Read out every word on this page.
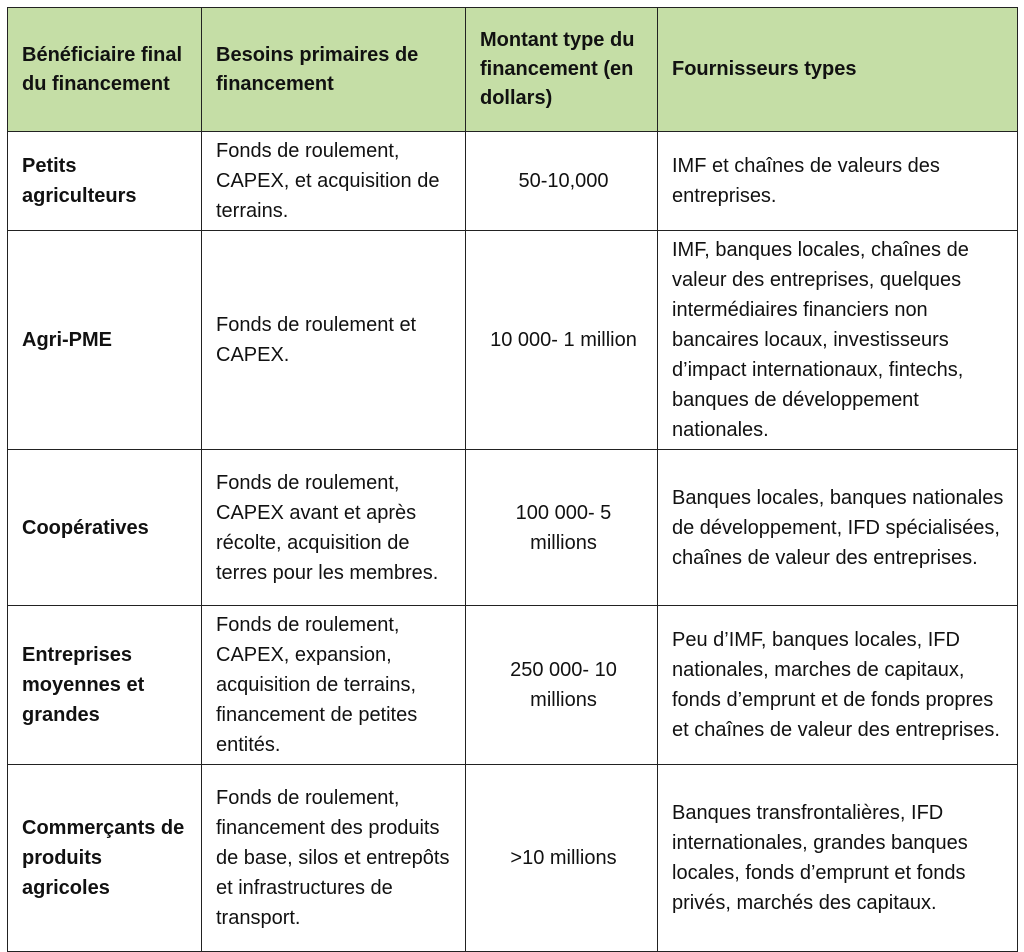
Bénéficiaire final du financement	Besoins primaires de financement	Montant type du financement (en dollars)	Fournisseurs types
Petits agriculteurs	Fonds de roulement, CAPEX, et acquisition de terrains.	50-10,000	IMF et chaînes de valeurs des entreprises.
Agri-PME	Fonds de roulement et CAPEX.	10 000- 1 million	IMF, banques locales, chaînes de valeur des entreprises, quelques intermédiaires financiers non bancaires locaux, investisseurs d’impact internationaux, fintechs, banques de développement nationales.
Coopératives	Fonds de roulement, CAPEX avant et après récolte, acquisition de terres pour les membres.	100 000- 5 millions	Banques locales, banques nationales de développement, IFD spécialisées, chaînes de valeur des entreprises.
Entreprises moyennes et grandes	Fonds de roulement, CAPEX, expansion, acquisition de terrains, financement de petites entités.	250 000- 10 millions	Peu d’IMF, banques locales, IFD nationales, marches de capitaux, fonds d’emprunt et de fonds propres et chaînes de valeur des entreprises.
Commerçants de produits agricoles	Fonds de roulement, financement des produits de base, silos et entrepôts et infrastructures de transport.	>10 millions	Banques transfrontalières, IFD internationales, grandes banques locales, fonds d’emprunt et fonds privés, marchés des capitaux.
